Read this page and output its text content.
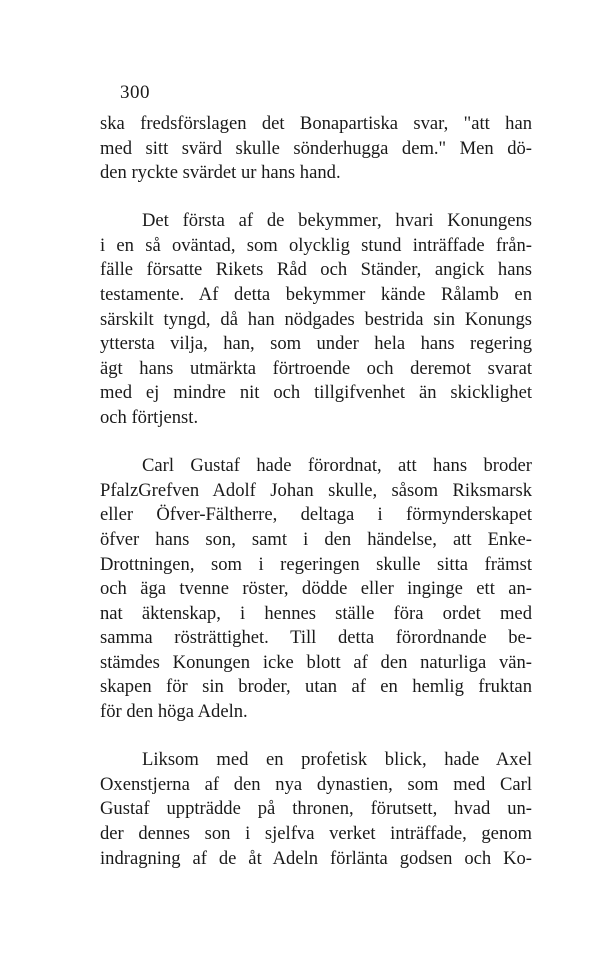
300

ska fredsförslagen det Bonapartiska svar, "att han
med sitt svärd skulle sönderhugga dem." Men dö-
den ryckte svärdet ur hans hand.

Det första af de bekymmer, hvari Konungens
i en så oväntad, som olycklig stund inträffade från-
fälle försatte Rikets Råd och Ständer, angick hans
testamente. Af detta bekymmer kände Rålamb en
särskilt tyngd, då han nödgades bestrida sin Konungs
yttersta vilja, han, som under hela hans regering
ägt hans utmärkta förtroende och deremot svarat
med ej mindre nit och tillgifvenhet än skicklighet
och förtjenst.

Carl Gustaf hade förordnat, att hans broder
PfalzGrefven Adolf Johan skulle, såsom Riksmarsk
eller Öfver-Fältherre, deltaga i förmynderskapet
öfver hans son, samt i den händelse, att Enke-
Drottningen, som i regeringen skulle sitta främst
och äga tvenne röster, dödde eller inginge ett an-
nat äktenskap, i hennes ställe föra ordet med
samma rösträttighet. Till detta förordnande be-
stämdes Konungen icke blott af den naturliga vän-
skapen för sin broder, utan af en hemlig fruktan
för den höga Adeln.

Liksom med en profetisk blick, hade Axel
Oxenstjerna af den nya dynastien, som med Carl
Gustaf uppträdde på thronen, förutsett, hvad un-
der dennes son i sjelfva verket inträffade, genom
indragning af de åt Adeln förlänta godsen och Ko-
